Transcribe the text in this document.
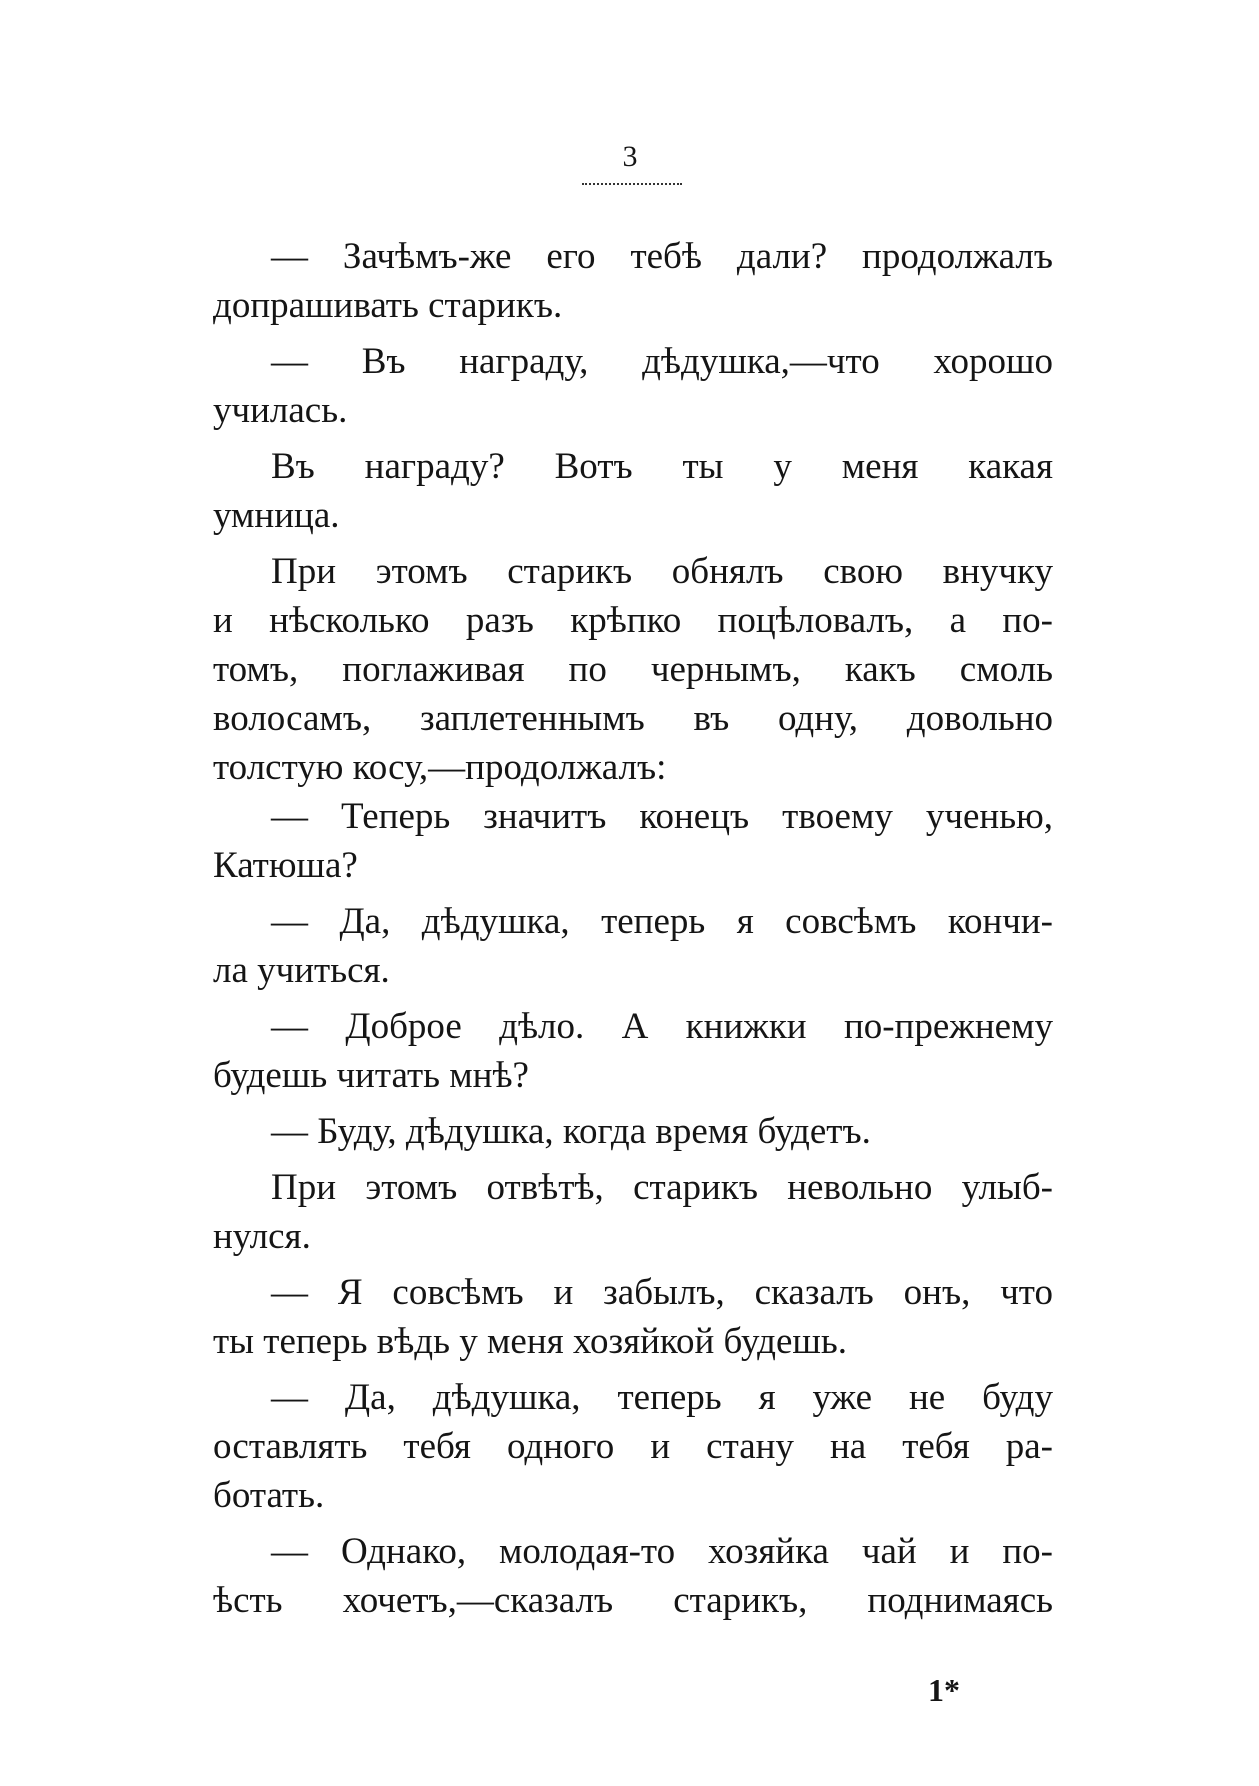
3
— Зачѣмъ-же его тебѣ дали? продолжалъ
допрашивать старикъ.
— Въ награду, дѣдушка,—что хорошо
училась.
Въ награду? Вотъ ты у меня какая
умница.
При этомъ старикъ обнялъ свою внучку
и нѣсколько разъ крѣпко поцѣловалъ, а по-
томъ, поглаживая по чернымъ, какъ смоль
волосамъ, заплетеннымъ въ одну, довольно
толстую косу,—продолжалъ:
— Теперь значитъ конецъ твоему ученью,
Катюша?
— Да, дѣдушка, теперь я совсѣмъ кончи-
ла учиться.
— Доброе дѣло. А книжки по-прежнему
будешь читать мнѣ?
— Буду, дѣдушка, когда время будетъ.
При этомъ отвѣтѣ, старикъ невольно улыб-
нулся.
— Я совсѣмъ и забылъ, сказалъ онъ, что
ты теперь вѣдь у меня хозяйкой будешь.
— Да, дѣдушка, теперь я уже не буду
оставлять тебя одного и стану на тебя ра-
ботать.
— Однако, молодая-то хозяйка чай и по-
ѣсть хочетъ,—сказалъ старикъ, поднимаясь
1*
